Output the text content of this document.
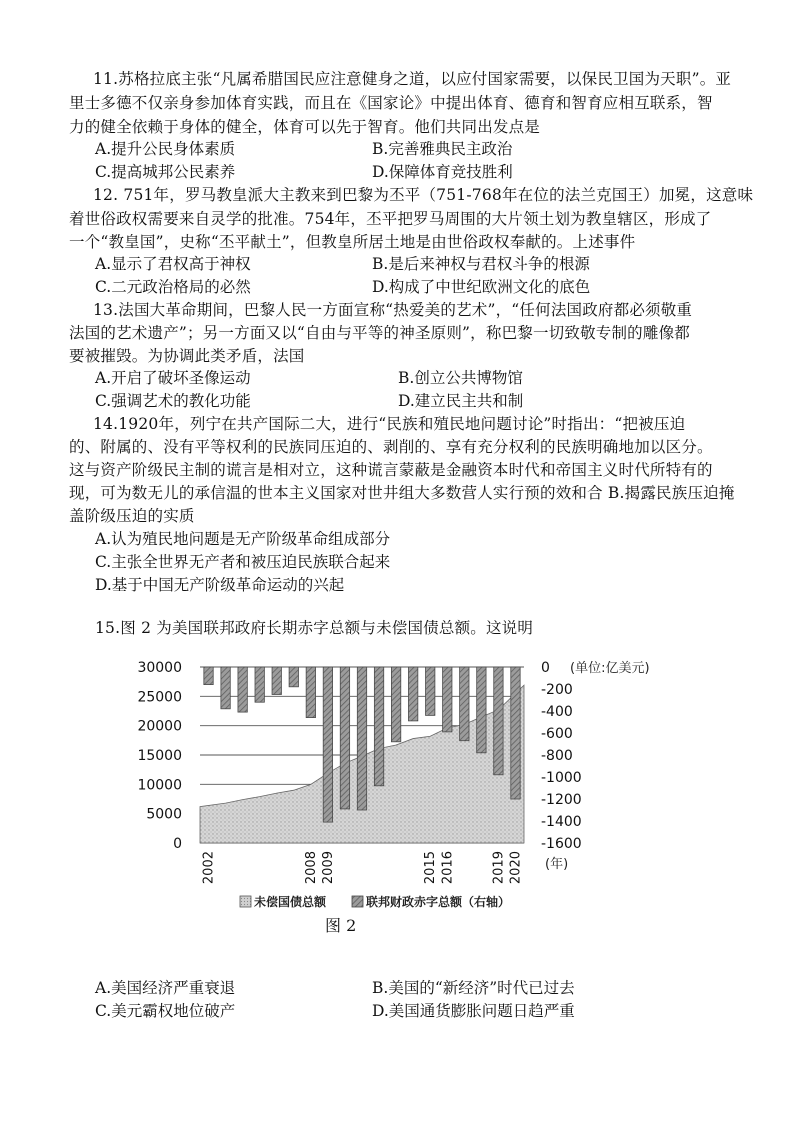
11.苏格拉底主张“凡属希腊国民应注意健身之道，以应付国家需要，以保民卫国为天职”。亚
里士多德不仅亲身参加体育实践，而且在《国家论》中提出体育、德育和智育应相互联系，智
力的健全依赖于身体的健全，体育可以先于智育。他们共同出发点是
A.提升公民身体素质	B.完善雅典民主政治
C.提高城邦公民素养	D.保障体育竞技胜利
12. 751年，罗马教皇派大主教来到巴黎为丕平（751-768年在位的法兰克国王）加冕，这意味
着世俗政权需要来自灵学的批准。754年，丕平把罗马周围的大片领土划为教皇辖区，形成了
一个“教皇国”，史称“丕平献土”，但教皇所居土地是由世俗政权奉献的。上述事件
A.显示了君权高于神权	B.是后来神权与君权斗争的根源
C.二元政治格局的必然	D.构成了中世纪欧洲文化的底色
13.法国大革命期间，巴黎人民一方面宣称“热爱美的艺术”，“任何法国政府都必须敬重
法国的艺术遗产”；另一方面又以“自由与平等的神圣原则”，称巴黎一切致敬专制的雕像都
要被摧毁。为协调此类矛盾，法国
A.开启了破坏圣像运动	B.创立公共博物馆
C.强调艺术的教化功能	D.建立民主共和制
14.1920年，列宁在共产国际二大，进行“民族和殖民地问题讨论”时指出：“把被压迫
的、附属的、没有平等权利的民族同压迫的、剥削的、享有充分权利的民族明确地加以区分。
这与资产阶级民主制的谎言是相对立，这种谎言蒙蔽是金融资本时代和帝国主义时代所特有的
现，可为数无儿的承信温的世本主义国家对世井组大多数营人实行预的效和合 B.揭露民族压迫掩
盖阶级压迫的实质
A.认为殖民地问题是无产阶级革命组成部分
C.主张全世界无产者和被压迫民族联合起来
D.基于中国无产阶级革命运动的兴起
15.图 2 为美国联邦政府长期赤字总额与未偿国债总额。这说明
30000
25000
20000
15000
10000
5000
0
0
-200
-400
-600
-800
-1000
-1200
-1400
-1600
2002	2008 2009	2015 2016	2019 2020
(单位:亿美元)
(年)
未偿国债总额	联邦财政赤字总额（右轴）
图 2
A.美国经济严重衰退	B.美国的“新经济”时代已过去
C.美元霸权地位破产	D.美国通货膨胀问题日趋严重
